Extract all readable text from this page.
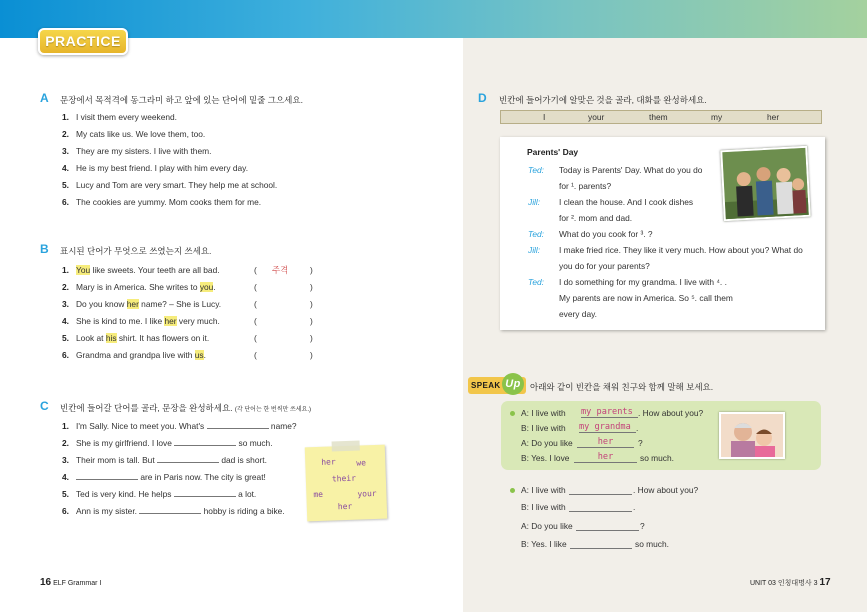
PRACTICE
A 문장에서 목적격에 동그라미 하고 앞에 있는 단어에 밑줄 그으세요.
1. I visit them every weekend.
2. My cats like us. We love them, too.
3. They are my sisters. I live with them.
4. He is my best friend. I play with him every day.
5. Lucy and Tom are very smart. They help me at school.
6. The cookies are yummy. Mom cooks them for me.
B 표시된 단어가 무엇으로 쓰였는지 쓰세요.
1. You like sweets. Your teeth are all bad.	( 주격	)
2. Mary is in America. She writes to you.	(	)
3. Do you know her name? – She is Lucy.	(	)
4. She is kind to me. I like her very much.	(	)
5. Look at his shirt. It has flowers on it.	(	)
6. Grandma and grandpa live with us.	(	)
C 빈칸에 들어갈 단어를 골라, 문장을 완성하세요. (각 단어는 한 번씩만 쓰세요.)
1. I'm Sally. Nice to meet you. What's	name?
2. She is my girlfriend. I love	so much.
3. Their mom is tall. But	dad is short.
4.	are in Paris now. The city is great!
5. Ted is very kind. He helps	a lot.
6. Ann is my sister.	hobby is riding a bike.
her	we
their
me	your
her
D 빈칸에 들어가기에 알맞은 것을 골라, 대화를 완성하세요.
I	your	them	my	her
Parents' Day
Ted: Today is Parents' Day. What do you do
for ¹. parents?
Jill: I clean the house. And I cook dishes
for ². mom and dad.
Ted: What do you cook for ³. ?
Jill: I make fried rice. They like it very much. How about you? What do
you do for your parents?
Ted: I do something for my grandma. I live with ⁴. .
My parents are now in America. So ⁵. call them
every day.
SPEAK Up	아래와 같이 빈칸을 채워 친구와 함께 말해 보세요.
A: I live with my parents . How about you?
B: I live with my grandma .
A: Do you like	her	?
B: Yes. I love	her	so much.
A: I live with	. How about you?
B: I live with	.
A: Do you like	?
B: Yes. I like	so much.
16 ELF Grammar I	UNIT 03 인칭대명사 3 17
